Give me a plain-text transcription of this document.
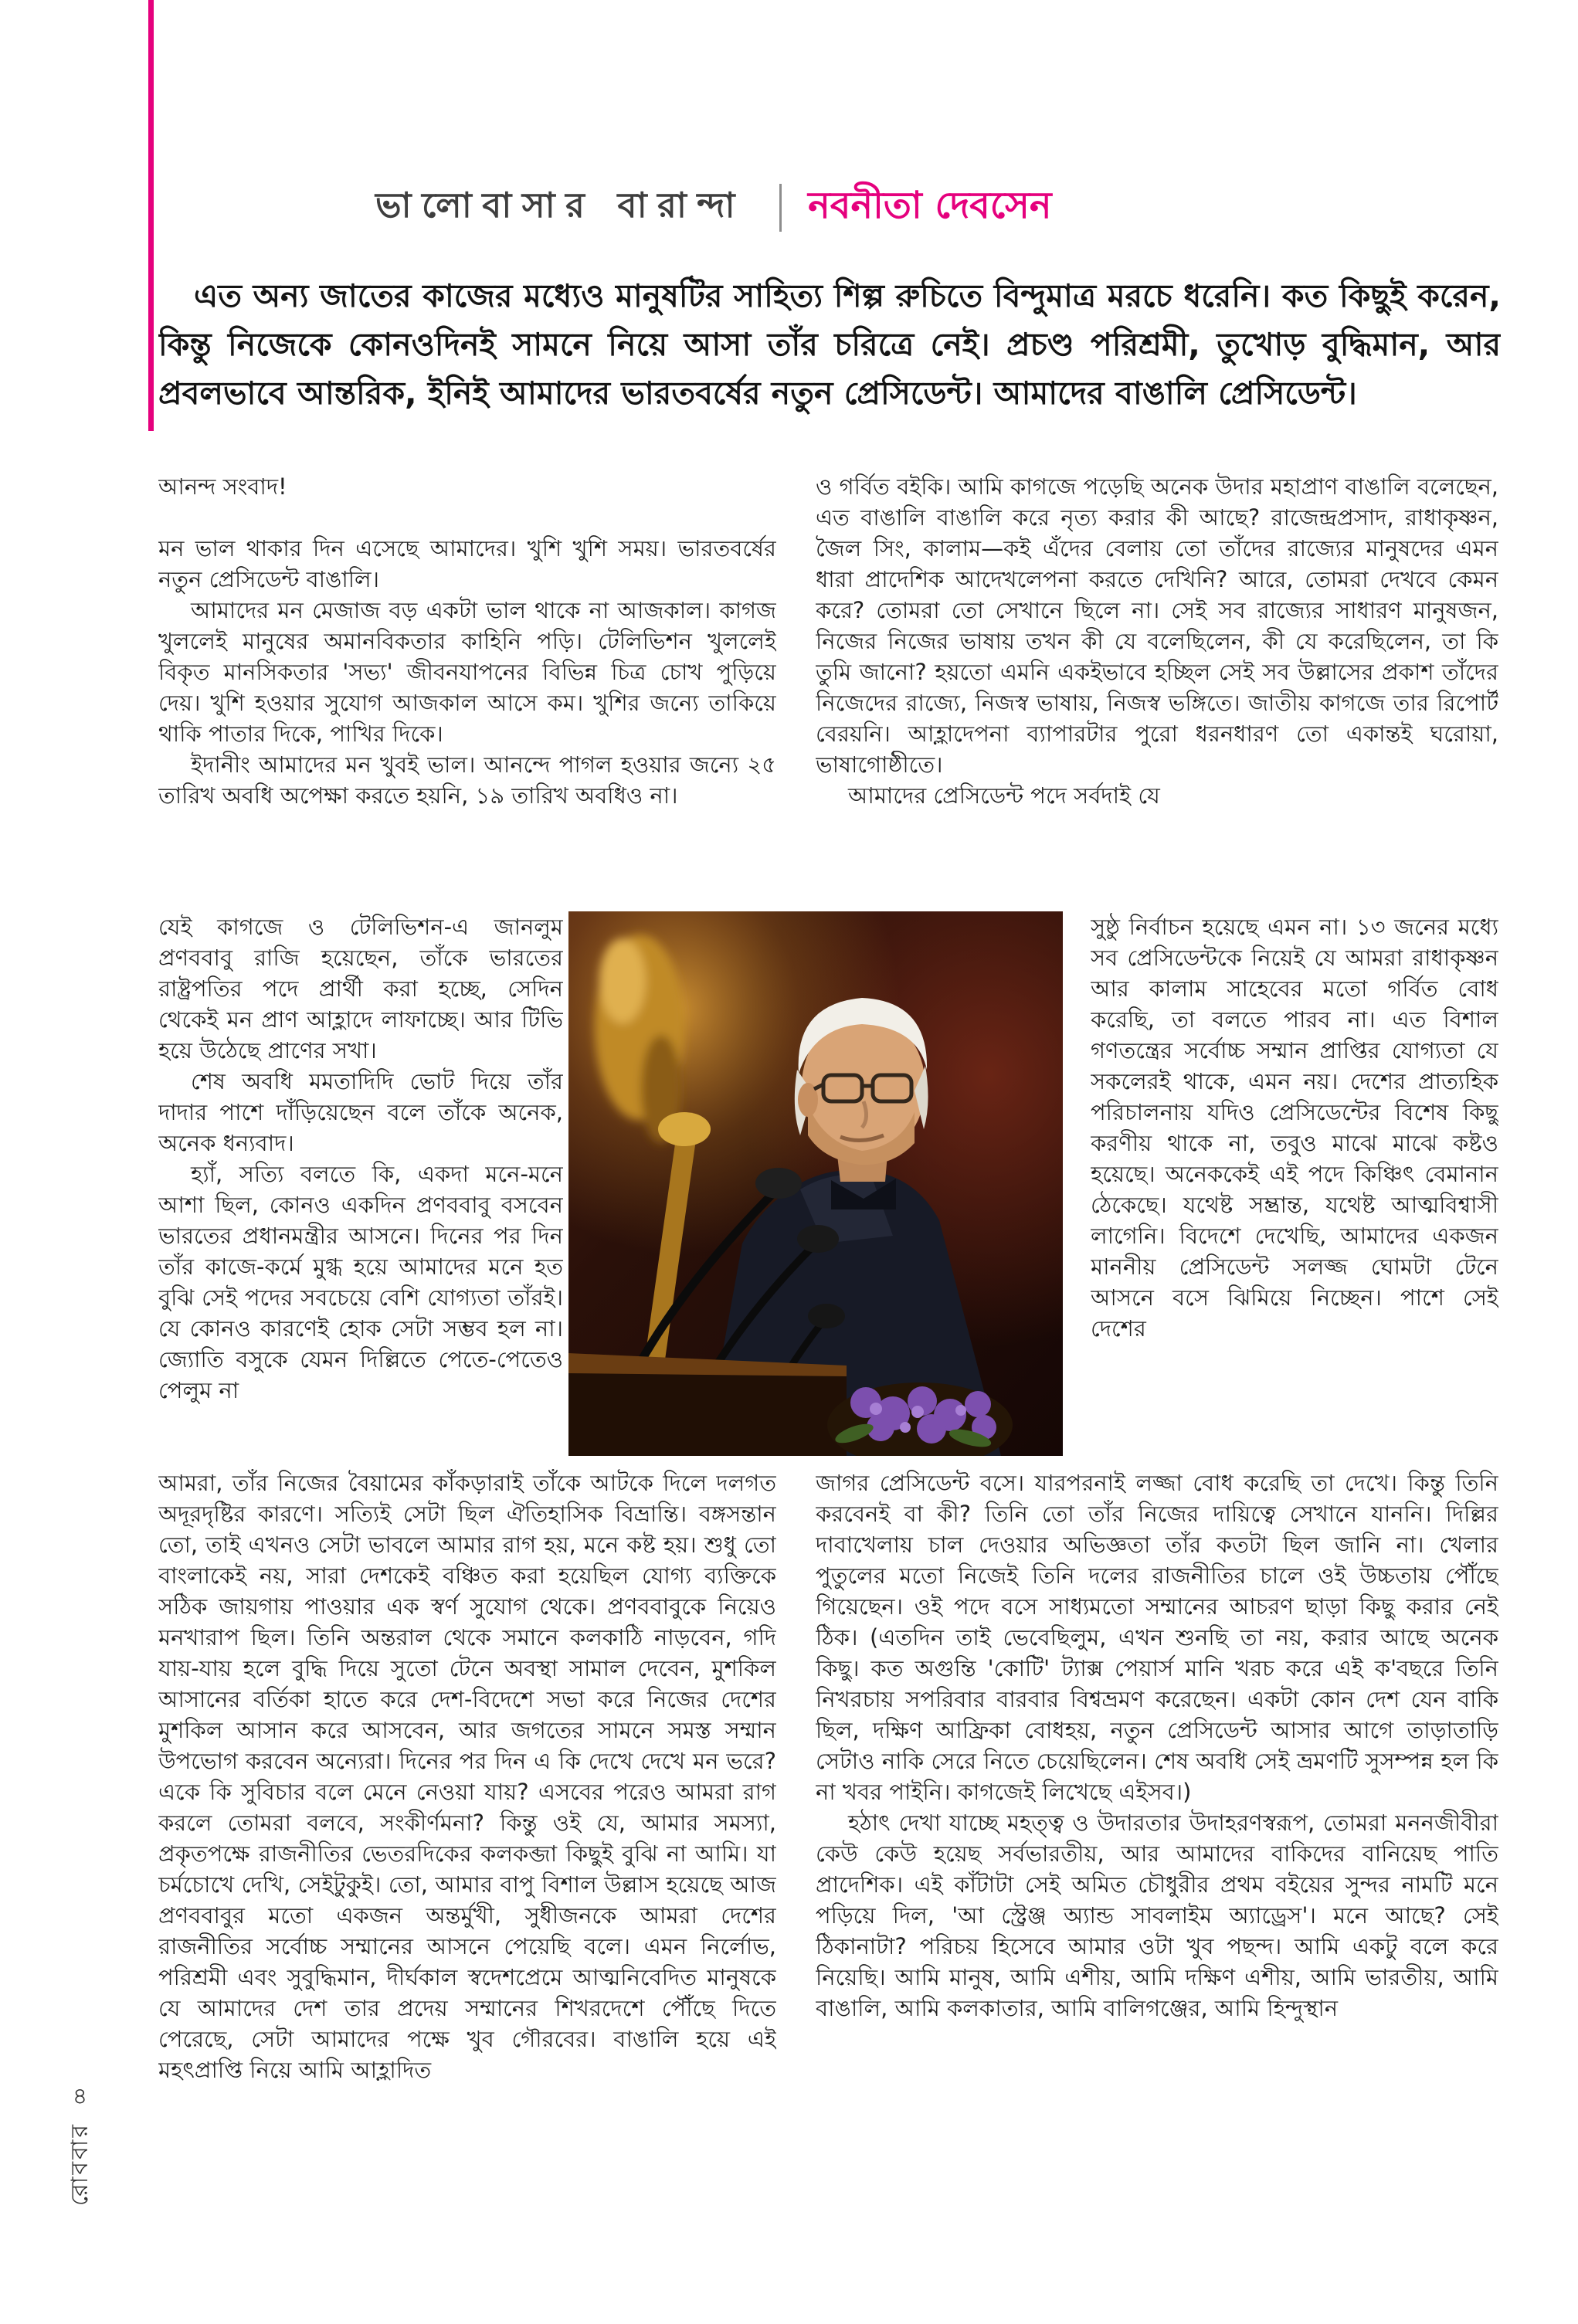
ভালোবাসার বারান্দা নবনীতা দেবসেন

এত অন্য জাতের কাজের মধ্যেও মানুষটির সাহিত্য শিল্প রুচিতে বিন্দুমাত্র মরচে ধরেনি। কত কিছুই করেন, কিন্তু নিজেকে কোনওদিনই সামনে নিয়ে আসা তাঁর চরিত্রে নেই। প্রচণ্ড পরিশ্রমী, তুখোড় বুদ্ধিমান, আর প্রবলভাবে আন্তরিক, ইনিই আমাদের ভারতবর্ষের নতুন প্রেসিডেন্ট। আমাদের বাঙালি প্রেসিডেন্ট।

আনন্দ সংবাদ!

মন ভাল থাকার দিন এসেছে আমাদের। খুশি খুশি সময়। ভারতবর্ষের নতুন প্রেসিডেন্ট বাঙালি।

আমাদের মন মেজাজ বড় একটা ভাল থাকে না আজকাল। কাগজ খুললেই মানুষের অমানবিকতার কাহিনি পড়ি। টেলিভিশন খুললেই বিকৃত মানসিকতার 'সভ্য' জীবনযাপনের বিভিন্ন চিত্র চোখ পুড়িয়ে দেয়। খুশি হওয়ার সুযোগ আজকাল আসে কম। খুশির জন্যে তাকিয়ে থাকি পাতার দিকে, পাখির দিকে।

ইদানীং আমাদের মন খুবই ভাল। আনন্দে পাগল হওয়ার জন্যে ২৫ তারিখ অবধি অপেক্ষা করতে হয়নি, ১৯ তারিখ অবধিও না।

যেই কাগজে ও টেলিভিশন-এ জানলুম প্রণববাবু রাজি হয়েছেন, তাঁকে ভারতের রাষ্ট্রপতির পদে প্রার্থী করা হচ্ছে, সেদিন থেকেই মন প্রাণ আহ্লাদে লাফাচ্ছে। আর টিভি হয়ে উঠেছে প্রাণের সখা।

শেষ অবধি মমতাদিদি ভোট দিয়ে তাঁর দাদার পাশে দাঁড়িয়েছেন বলে তাঁকে অনেক, অনেক ধন্যবাদ।

হ্যাঁ, সত্যি বলতে কি, একদা মনে-মনে আশা ছিল, কোনও একদিন প্রণববাবু বসবেন ভারতের প্রধানমন্ত্রীর আসনে। দিনের পর দিন তাঁর কাজে-কর্মে মুগ্ধ হয়ে আমাদের মনে হত বুঝি সেই পদের সবচেয়ে বেশি যোগ্যতা তাঁরই। যে কোনও কারণেই হোক সেটা সম্ভব হল না। জ্যোতি বসুকে যেমন দিল্লিতে পেতে-পেতেও পেলুম না

আমরা, তাঁর নিজের বৈয়ামের কাঁকড়ারাই তাঁকে আটকে দিলে দলগত অদূরদৃষ্টির কারণে। সত্যিই সেটা ছিল ঐতিহাসিক বিভ্রান্তি। বঙ্গসন্তান তো, তাই এখনও সেটা ভাবলে আমার রাগ হয়, মনে কষ্ট হয়। শুধু তো বাংলাকেই নয়, সারা দেশকেই বঞ্চিত করা হয়েছিল যোগ্য ব্যক্তিকে সঠিক জায়গায় পাওয়ার এক স্বর্ণ সুযোগ থেকে। প্রণববাবুকে নিয়েও মনখারাপ ছিল। তিনি অন্তরাল থেকে সমানে কলকাঠি নাড়বেন, গদি যায়-যায় হলে বুদ্ধি দিয়ে সুতো টেনে অবস্থা সামাল দেবেন, মুশকিল আসানের বর্তিকা হাতে করে দেশ-বিদেশে সভা করে নিজের দেশের মুশকিল আসান করে আসবেন, আর জগতের সামনে সমস্ত সম্মান উপভোগ করবেন অন্যেরা। দিনের পর দিন এ কি দেখে দেখে মন ভরে? একে কি সুবিচার বলে মেনে নেওয়া যায়? এসবের পরেও আমরা রাগ করলে তোমরা বলবে, সংকীর্ণমনা? কিন্তু ওই যে, আমার সমস্যা, প্রকৃতপক্ষে রাজনীতির ভেতরদিকের কলকব্জা কিছুই বুঝি না আমি। যা চর্মচোখে দেখি, সেইটুকুই। তো, আমার বাপু বিশাল উল্লাস হয়েছে আজ প্রণববাবুর মতো একজন অন্তর্মুখী, সুধীজনকে আমরা দেশের রাজনীতির সর্বোচ্চ সম্মানের আসনে পেয়েছি বলে। এমন নির্লোভ, পরিশ্রমী এবং সুবুদ্ধিমান, দীর্ঘকাল স্বদেশপ্রেমে আত্মনিবেদিত মানুষকে যে আমাদের দেশ তার প্রদেয় সম্মানের শিখরদেশে পৌঁছে দিতে পেরেছে, সেটা আমাদের পক্ষে খুব গৌরবের। বাঙালি হয়ে এই মহৎপ্রাপ্তি নিয়ে আমি আহ্লাদিত

ও গর্বিত বইকি। আমি কাগজে পড়েছি অনেক উদার মহাপ্রাণ বাঙালি বলেছেন, এত বাঙালি বাঙালি করে নৃত্য করার কী আছে? রাজেন্দ্রপ্রসাদ, রাধাকৃষ্ণন, জৈল সিং, কালাম—কই এঁদের বেলায় তো তাঁদের রাজ্যের মানুষদের এমন ধারা প্রাদেশিক আদেখলেপনা করতে দেখিনি? আরে, তোমরা দেখবে কেমন করে? তোমরা তো সেখানে ছিলে না। সেই সব রাজ্যের সাধারণ মানুষজন, নিজের নিজের ভাষায় তখন কী যে বলেছিলেন, কী যে করেছিলেন, তা কি তুমি জানো? হয়তো এমনি একইভাবে হচ্ছিল সেই সব উল্লাসের প্রকাশ তাঁদের নিজেদের রাজ্যে, নিজস্ব ভাষায়, নিজস্ব ভঙ্গিতে। জাতীয় কাগজে তার রিপোর্ট বেরয়নি। আহ্লাদেপনা ব্যাপারটার পুরো ধরনধারণ তো একান্তই ঘরোয়া, ভাষাগোষ্ঠীতে।

আমাদের প্রেসিডেন্ট পদে সর্বদাই যে

সুষ্ঠু নির্বাচন হয়েছে এমন না। ১৩ জনের মধ্যে সব প্রেসিডেন্টকে নিয়েই যে আমরা রাধাকৃষ্ণন আর কালাম সাহেবের মতো গর্বিত বোধ করেছি, তা বলতে পারব না। এত বিশাল গণতন্ত্রের সর্বোচ্চ সম্মান প্রাপ্তির যোগ্যতা যে সকলেরই থাকে, এমন নয়। দেশের প্রাত্যহিক পরিচালনায় যদিও প্রেসিডেন্টের বিশেষ কিছু করণীয় থাকে না, তবুও মাঝে মাঝে কষ্টও হয়েছে। অনেককেই এই পদে কিঞ্চিৎ বেমানান ঠেকেছে। যথেষ্ট সম্ভ্রান্ত, যথেষ্ট আত্মবিশ্বাসী লাগেনি। বিদেশে দেখেছি, আমাদের একজন মাননীয় প্রেসিডেন্ট সলজ্জ ঘোমটা টেনে আসনে বসে ঝিমিয়ে নিচ্ছেন। পাশে সেই দেশের

জাগর প্রেসিডেন্ট বসে। যারপরনাই লজ্জা বোধ করেছি তা দেখে। কিন্তু তিনি করবেনই বা কী? তিনি তো তাঁর নিজের দায়িত্বে সেখানে যাননি। দিল্লির দাবাখেলায় চাল দেওয়ার অভিজ্ঞতা তাঁর কতটা ছিল জানি না। খেলার পুতুলের মতো নিজেই তিনি দলের রাজনীতির চালে ওই উচ্চতায় পৌঁছে গিয়েছেন। ওই পদে বসে সাধ্যমতো সম্মানের আচরণ ছাড়া কিছু করার নেই ঠিক। (এতদিন তাই ভেবেছিলুম, এখন শুনছি তা নয়, করার আছে অনেক কিছু। কত অগুন্তি 'কোটি' ট্যাক্স পেয়ার্স মানি খরচ করে এই ক'বছরে তিনি নিখরচায় সপরিবার বারবার বিশ্বভ্রমণ করেছেন। একটা কোন দেশ যেন বাকি ছিল, দক্ষিণ আফ্রিকা বোধহয়, নতুন প্রেসিডেন্ট আসার আগে তাড়াতাড়ি সেটাও নাকি সেরে নিতে চেয়েছিলেন। শেষ অবধি সেই ভ্রমণটি সুসম্পন্ন হল কি না খবর পাইনি। কাগজেই লিখেছে এইসব।)

হঠাৎ দেখা যাচ্ছে মহত্ত্ব ও উদারতার উদাহরণস্বরূপ, তোমরা মননজীবীরা কেউ কেউ হয়েছ সর্বভারতীয়, আর আমাদের বাকিদের বানিয়েছ পাতি প্রাদেশিক। এই কাঁটাটা সেই অমিত চৌধুরীর প্রথম বইয়ের সুন্দর নামটি মনে পড়িয়ে দিল, 'আ স্ট্রেঞ্জ অ্যান্ড সাবলাইম অ্যাড্রেস'। মনে আছে? সেই ঠিকানাটা? পরিচয় হিসেবে আমার ওটা খুব পছন্দ। আমি একটু বলে করে নিয়েছি। আমি মানুষ, আমি এশীয়, আমি দক্ষিণ এশীয়, আমি ভারতীয়, আমি বাঙালি, আমি কলকাতার, আমি বালিগঞ্জের, আমি হিন্দুস্থান

৪
রোববার
